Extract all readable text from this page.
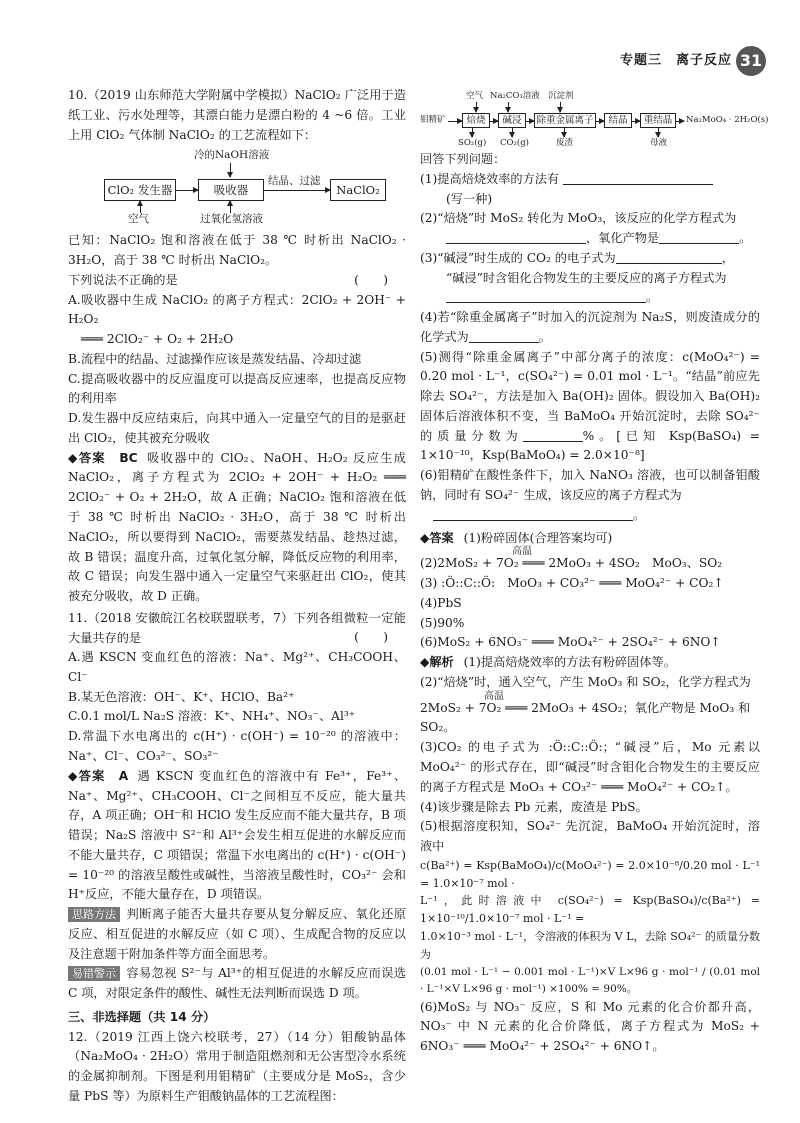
专题三　离子反应 31
10.（2019 山东师范大学附属中学模拟）NaClO₂ 广泛用于造纸工业、污水处理等，其漂白能力是漂白粉的 4 ~6 倍。工业上用 ClO₂ 气体制 NaClO₂ 的工艺流程如下：
冷的NaOH溶液
ClO₂ 发生器	吸收器
结晶、过滤
NaClO₂
空气	过氧化氢溶液
已知：NaClO₂ 饱和溶液在低于 38 ℃ 时析出 NaClO₂ · 3H₂O，高于 38 ℃ 时析出 NaClO₂。
下列说法不正确的是	(　　)
A.吸收器中生成 NaClO₂ 的离子方程式：2ClO₂ + 2OH⁻ + H₂O₂
═══ 2ClO₂⁻ + O₂ + 2H₂O
B.流程中的结晶、过滤操作应该是蒸发结晶、冷却过滤
C.提高吸收器中的反应温度可以提高反应速率，也提高反应物的利用率
D.发生器中反应结束后，向其中通入一定量空气的目的是驱赶出 ClO₂，使其被充分吸收
◆答案 BC 吸收器中的 ClO₂、NaOH、H₂O₂ 反应生成 NaClO₂，离子方程式为 2ClO₂ + 2OH⁻ + H₂O₂ ═══ 2ClO₂⁻ + O₂ + 2H₂O，故 A 正确；NaClO₂ 饱和溶液在低于 38 ℃ 时析出 NaClO₂ · 3H₂O，高于 38 ℃ 时析出 NaClO₂，所以要得到 NaClO₂，需要蒸发结晶、趁热过滤，故 B 错误；温度升高，过氧化氢分解，降低反应物的利用率，故 C 错误；向发生器中通入一定量空气来驱赶出 ClO₂，使其被充分吸收，故 D 正确。
11.（2018 安徽皖江名校联盟联考，7）下列各组微粒一定能大量共存的是	(　　)
A.遇 KSCN 变血红色的溶液：Na⁺、Mg²⁺、CH₃COOH、Cl⁻
B.某无色溶液：OH⁻、K⁺、HClO、Ba²⁺
C.0.1 mol/L Na₂S 溶液：K⁺、NH₄⁺、NO₃⁻、Al³⁺
D.常温下水电离出的 c(H⁺) · c(OH⁻) = 10⁻²⁰ 的溶液中：Na⁺、Cl⁻、CO₃²⁻、SO₃²⁻
◆答案 A 遇 KSCN 变血红色的溶液中有 Fe³⁺，Fe³⁺、Na⁺、Mg²⁺、CH₃COOH、Cl⁻之间相互不反应，能大量共存，A 项正确；OH⁻和 HClO 发生反应而不能大量共存，B 项错误；Na₂S 溶液中 S²⁻和 Al³⁺会发生相互促进的水解反应而不能大量共存，C 项错误；常温下水电离出的 c(H⁺) · c(OH⁻) = 10⁻²⁰ 的溶液呈酸性或碱性，当溶液呈酸性时，CO₃²⁻ 会和 H⁺反应，不能大量存在，D 项错误。
思路方法 判断离子能否大量共存要从复分解反应、氧化还原反应、相互促进的水解反应（如 C 项）、生成配合物的反应以及注意题干附加条件等方面全面思考。
易错警示 容易忽视 S²⁻与 Al³⁺的相互促进的水解反应而误选 C 项，对限定条件的酸性、碱性无法判断而误选 D 项。
三、非选择题（共 14 分）
12.（2019 江西上饶六校联考，27）（14 分）钼酸钠晶体（Na₂MoO₄ · 2H₂O）常用于制造阻燃剂和无公害型冷水系统的金属抑制剂。下图是利用钼精矿（主要成分是 MoS₂，含少量 PbS 等）为原料生产钼酸钠晶体的工艺流程图：
空气 Na₂CO₃溶液 沉淀剂
钼精矿	焙烧	碱浸	除重金属离子	结晶	重结晶	Na₂MoO₄ · 2H₂O(s)
SO₂(g) CO₂(g)	废渣	母液
回答下列问题：
(1)提高焙烧效率的方法有
(写一种)
(2)“焙烧”时 MoS₂ 转化为 MoO₃，该反应的化学方程式为
，氧化产物是	。
(3)“碱浸”时生成的 CO₂ 的电子式为	，
“碱浸”时含钼化合物发生的主要反应的离子方程式为
。
(4)若“除重金属离子”时加入的沉淀剂为 Na₂S，则废渣成分的化学式为	。
(5)测得“除重金属离子”中部分离子的浓度：c(MoO₄²⁻) = 0.20 mol · L⁻¹，c(SO₄²⁻) = 0.01 mol · L⁻¹。“结晶”前应先除去 SO₄²⁻，方法是加入 Ba(OH)₂ 固体。假设加入 Ba(OH)₂ 固体后溶液体积不变，当 BaMoO₄ 开始沉淀时，去除 SO₄²⁻ 的质量分数为	%。[已知 Ksp(BaSO₄) = 1×10⁻¹⁰，Ksp(BaMoO₄) = 2.0×10⁻⁸]
(6)钼精矿在酸性条件下，加入 NaNO₃ 溶液，也可以制备钼酸钠，同时有 SO₄²⁻ 生成，该反应的离子方程式为
。
◆答案 (1)粉碎固体(合理答案均可)
高温
(2)2MoS₂ + 7O₂ ═══ 2MoO₃ + 4SO₂　MoO₃、SO₂
(3) :Ö::C::Ö:　MoO₃ + CO₃²⁻ ═══ MoO₄²⁻ + CO₂↑
(4)PbS
(5)90%
(6)MoS₂ + 6NO₃⁻ ═══ MoO₄²⁻ + 2SO₄²⁻ + 6NO↑
◆解析 (1)提高焙烧效率的方法有粉碎固体等。
(2)“焙烧”时，通入空气，产生 MoO₃ 和 SO₂，化学方程式为
高温
2MoS₂ + 7O₂ ═══ 2MoO₃ + 4SO₂；氧化产物是 MoO₃ 和 SO₂。
(3)CO₂ 的电子式为 :Ö::C::Ö:；“碱浸”后，Mo 元素以 MoO₄²⁻ 的形式存在，即“碱浸”时含钼化合物发生的主要反应的离子方程式是 MoO₃ + CO₃²⁻ ═══ MoO₄²⁻ + CO₂↑。
(4)该步骤是除去 Pb 元素，废渣是 PbS。
(5)根据溶度积知，SO₄²⁻ 先沉淀，BaMoO₄ 开始沉淀时，溶液中
c(Ba²⁺) = Ksp(BaMoO₄)/c(MoO₄²⁻) = 2.0×10⁻⁸/0.20 mol · L⁻¹ = 1.0×10⁻⁷ mol ·
L⁻¹，此时溶液中 c(SO₄²⁻) = Ksp(BaSO₄)/c(Ba²⁺) = 1×10⁻¹⁰/1.0×10⁻⁷ mol · L⁻¹ =
1.0×10⁻³ mol · L⁻¹，令溶液的体积为 V L，去除 SO₄²⁻ 的质量分数为
(0.01 mol · L⁻¹ − 0.001 mol · L⁻¹)×V L×96 g · mol⁻¹ / (0.01 mol · L⁻¹×V L×96 g · mol⁻¹) ×100% = 90%。
(6)MoS₂ 与 NO₃⁻ 反应，S 和 Mo 元素的化合价都升高，NO₃⁻ 中 N 元素的化合价降低，离子方程式为 MoS₂ + 6NO₃⁻ ═══ MoO₄²⁻ + 2SO₄²⁻ + 6NO↑。
